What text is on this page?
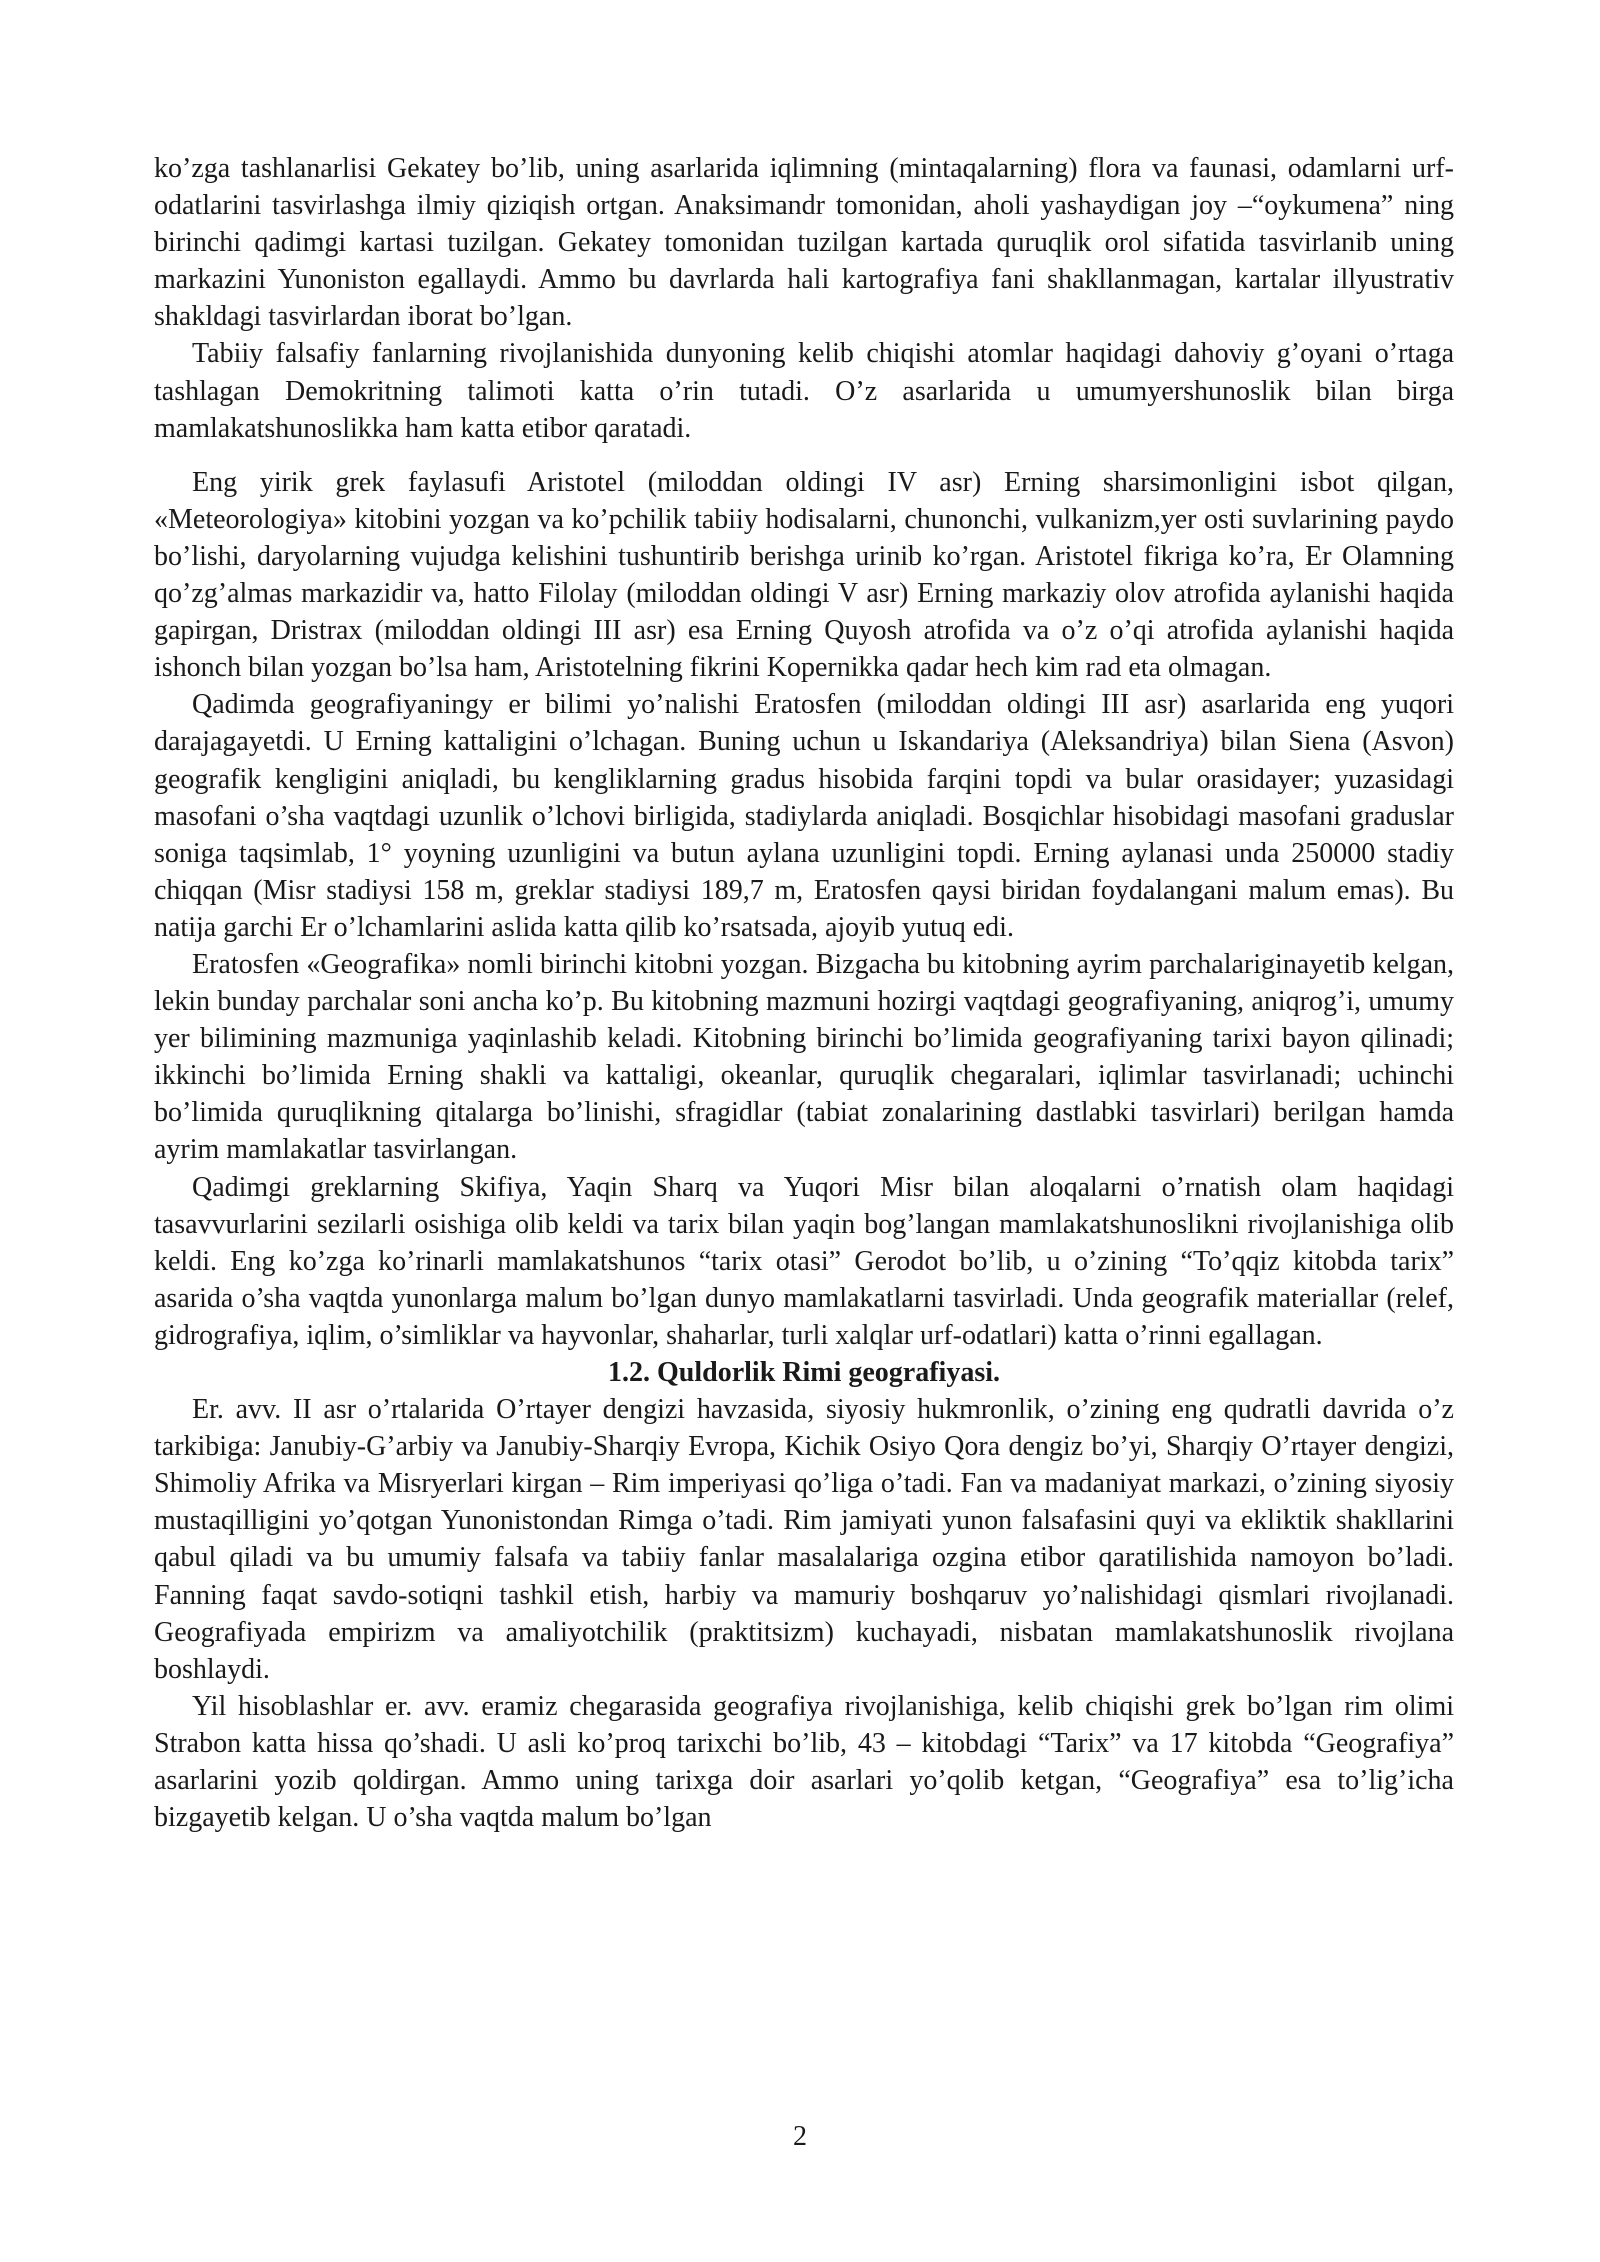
ko’zga tashlanarlisi Gekatey bo’lib, uning asarlarida iqlimning (mintaqalarning) flora va faunasi, odamlarni urf-odatlarini tasvirlashga ilmiy qiziqish ortgan. Anaksimandr tomonidan, aholi yashaydigan joy –“oykumena” ning birinchi qadimgi kartasi tuzilgan. Gekatey tomonidan tuzilgan kartada quruqlik orol sifatida tasvirlanib uning markazini Yunoniston egallaydi. Ammo bu davrlarda hali kartografiya fani shakllanmagan, kartalar illyustrativ shakldagi tasvirlardan iborat bo’lgan.

Tabiiy falsafiy fanlarning rivojlanishida dunyoning kelib chiqishi atomlar haqidagi dahoviy g’oyani o’rtaga tashlagan Demokritning talimoti katta o’rin tutadi. O’z asarlarida u umumyershunoslik bilan birga mamlakatshunoslikka ham katta etibor qaratadi.

Eng yirik grek faylasufi Aristotel (miloddan oldingi IV asr) Erning sharsimonligini isbot qilgan, «Meteorologiya» kitobini yozgan va ko’pchilik tabiiy hodisalarni, chunonchi, vulkanizm,yer osti suvlarining paydo bo’lishi, daryolarning vujudga kelishini tushuntirib berishga urinib ko’rgan. Aristotel fikriga ko’ra, Er Olamning qo’zg’almas markazidir va, hatto Filolay (miloddan oldingi V asr) Erning markaziy olov atrofida aylanishi haqida gapirgan, Dristrax (miloddan oldingi III asr) esa Erning Quyosh atrofida va o’z o’qi atrofida aylanishi haqida ishonch bilan yozgan bo’lsa ham, Aristotelning fikrini Kopernikka qadar hech kim rad eta olmagan.

Qadimda geografiyaningy er bilimi yo’nalishi Eratosfen (miloddan oldingi III asr) asarlarida eng yuqori darajagayetdi. U Erning kattaligini o’lchagan. Buning uchun u Iskandariya (Aleksandriya) bilan Siena (Asvon) geografik kengligini aniqladi, bu kengliklarning gradus hisobida farqini topdi va bular orasidayer; yuzasidagi masofani o’sha vaqtdagi uzunlik o’lchovi birligida, stadiylarda aniqladi. Bosqichlar hisobidagi masofani graduslar soniga taqsimlab, 1° yoyning uzunligini va butun aylana uzunligini topdi. Erning aylanasi unda 250000 stadiy chiqqan (Misr stadiysi 158 m, greklar stadiysi 189,7 m, Eratosfen qaysi biridan foydalangani malum emas). Bu natija garchi Er o’lchamlarini aslida katta qilib ko’rsatsada, ajoyib yutuq edi.

Eratosfen «Geografika» nomli birinchi kitobni yozgan. Bizgacha bu kitobning ayrim parchalariginayetib kelgan, lekin bunday parchalar soni ancha ko’p. Bu kitobning mazmuni hozirgi vaqtdagi geografiyaning, aniqrog’i, umumy yer bilimining mazmuniga yaqinlashib keladi. Kitobning birinchi bo’limida geografiyaning tarixi bayon qilinadi; ikkinchi bo’limida Erning shakli va kattaligi, okeanlar, quruqlik chegaralari, iqlimlar tasvirlanadi; uchinchi bo’limida quruqlikning qitalarga bo’linishi, sfragidlar (tabiat zonalarining dastlabki tasvirlari) berilgan hamda ayrim mamlakatlar tasvirlangan.

Qadimgi greklarning Skifiya, Yaqin Sharq va Yuqori Misr bilan aloqalarni o’rnatish olam haqidagi tasavvurlarini sezilarli osishiga olib keldi va tarix bilan yaqin bog’langan mamlakatshunoslikni rivojlanishiga olib keldi. Eng ko’zga ko’rinarli mamlakatshunos “tarix otasi” Gerodot bo’lib, u o’zining “To’qqiz kitobda tarix” asarida o’sha vaqtda yunonlarga malum bo’lgan dunyo mamlakatlarni tasvirladi. Unda geografik materiallar (relef, gidrografiya, iqlim, o’simliklar va hayvonlar, shaharlar, turli xalqlar urf-odatlari) katta o’rinni egallagan.

1.2. Quldorlik Rimi geografiyasi.

Er. avv. II asr o’rtalarida O’rtayer dengizi havzasida, siyosiy hukmronlik, o’zining eng qudratli davrida o’z tarkibiga: Janubiy-G’arbiy va Janubiy-Sharqiy Evropa, Kichik Osiyo Qora dengiz bo’yi, Sharqiy O’rtayer dengizi, Shimoliy Afrika va Misryerlari kirgan – Rim imperiyasi qo’liga o’tadi. Fan va madaniyat markazi, o’zining siyosiy mustaqilligini yo’qotgan Yunonistondan Rimga o’tadi. Rim jamiyati yunon falsafasini quyi va ekliktik shakllarini qabul qiladi va bu umumiy falsafa va tabiiy fanlar masalalariga ozgina etibor qaratilishida namoyon bo’ladi. Fanning faqat savdo-sotiqni tashkil etish, harbiy va mamuriy boshqaruv yo’nalishidagi qismlari rivojlanadi. Geografiyada empirizm va amaliyotchilik (praktitsizm) kuchayadi, nisbatan mamlakatshunoslik rivojlana boshlaydi.

Yil hisoblashlar er. avv. eramiz chegarasida geografiya rivojlanishiga, kelib chiqishi grek bo’lgan rim olimi Strabon katta hissa qo’shadi. U asli ko’proq tarixchi bo’lib, 43 – kitobdagi “Tarix” va 17 kitobda “Geografiya” asarlarini yozib qoldirgan. Ammo uning tarixga doir asarlari yo’qolib ketgan, “Geografiya” esa to’lig’icha bizgayetib kelgan. U o’sha vaqtda malum bo’lgan

2
